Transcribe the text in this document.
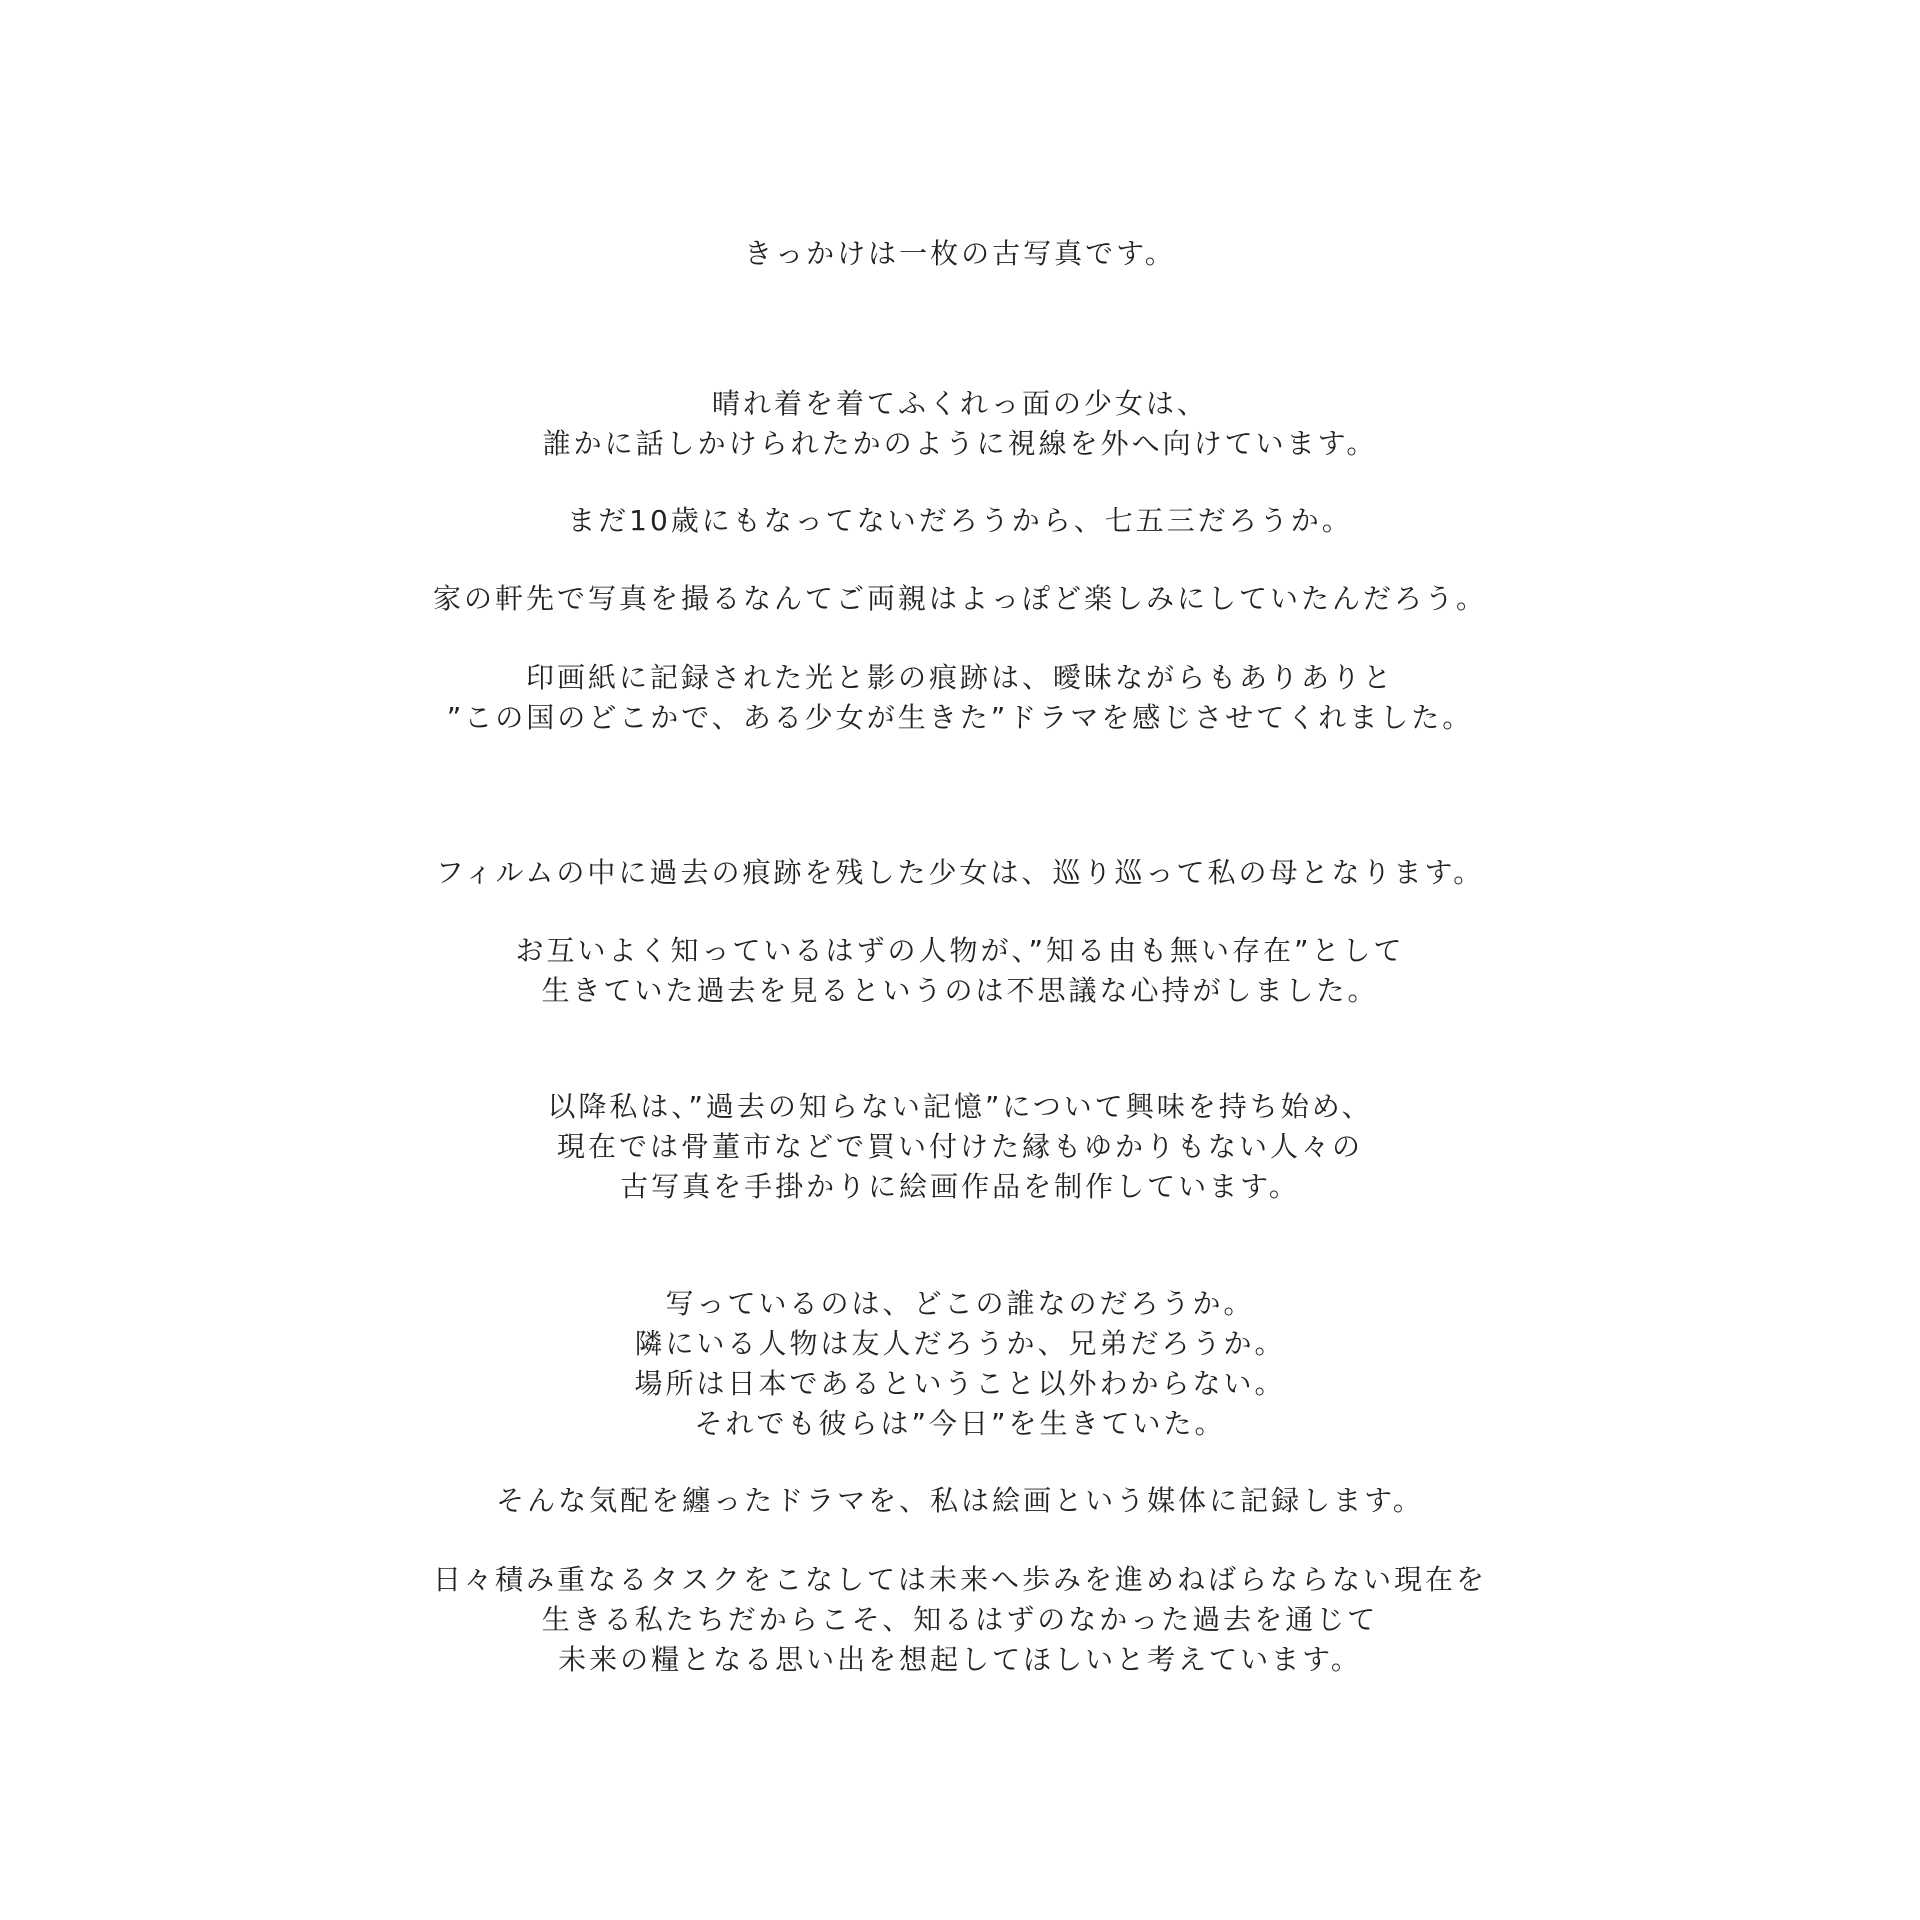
きっかけは一枚の古写真です。
晴れ着を着てふくれっ面の少女は、
誰かに話しかけられたかのように視線を外へ向けています。
まだ10歳にもなってないだろうから、七五三だろうか。
家の軒先で写真を撮るなんてご両親はよっぽど楽しみにしていたんだろう。
印画紙に記録された光と影の痕跡は、曖昧ながらもありありと
”この国のどこかで、ある少女が生きた”ドラマを感じさせてくれました。
フィルムの中に過去の痕跡を残した少女は、巡り巡って私の母となります。
お互いよく知っているはずの人物が、”知る由も無い存在”として
生きていた過去を見るというのは不思議な心持がしました。
以降私は、”過去の知らない記憶”について興味を持ち始め、
現在では骨董市などで買い付けた縁もゆかりもない人々の
古写真を手掛かりに絵画作品を制作しています。
写っているのは、どこの誰なのだろうか。
隣にいる人物は友人だろうか、兄弟だろうか。
場所は日本であるということ以外わからない。
それでも彼らは”今日”を生きていた。
そんな気配を纏ったドラマを、私は絵画という媒体に記録します。
日々積み重なるタスクをこなしては未来へ歩みを進めねばらならない現在を
生きる私たちだからこそ、知るはずのなかった過去を通じて
未来の糧となる思い出を想起してほしいと考えています。
